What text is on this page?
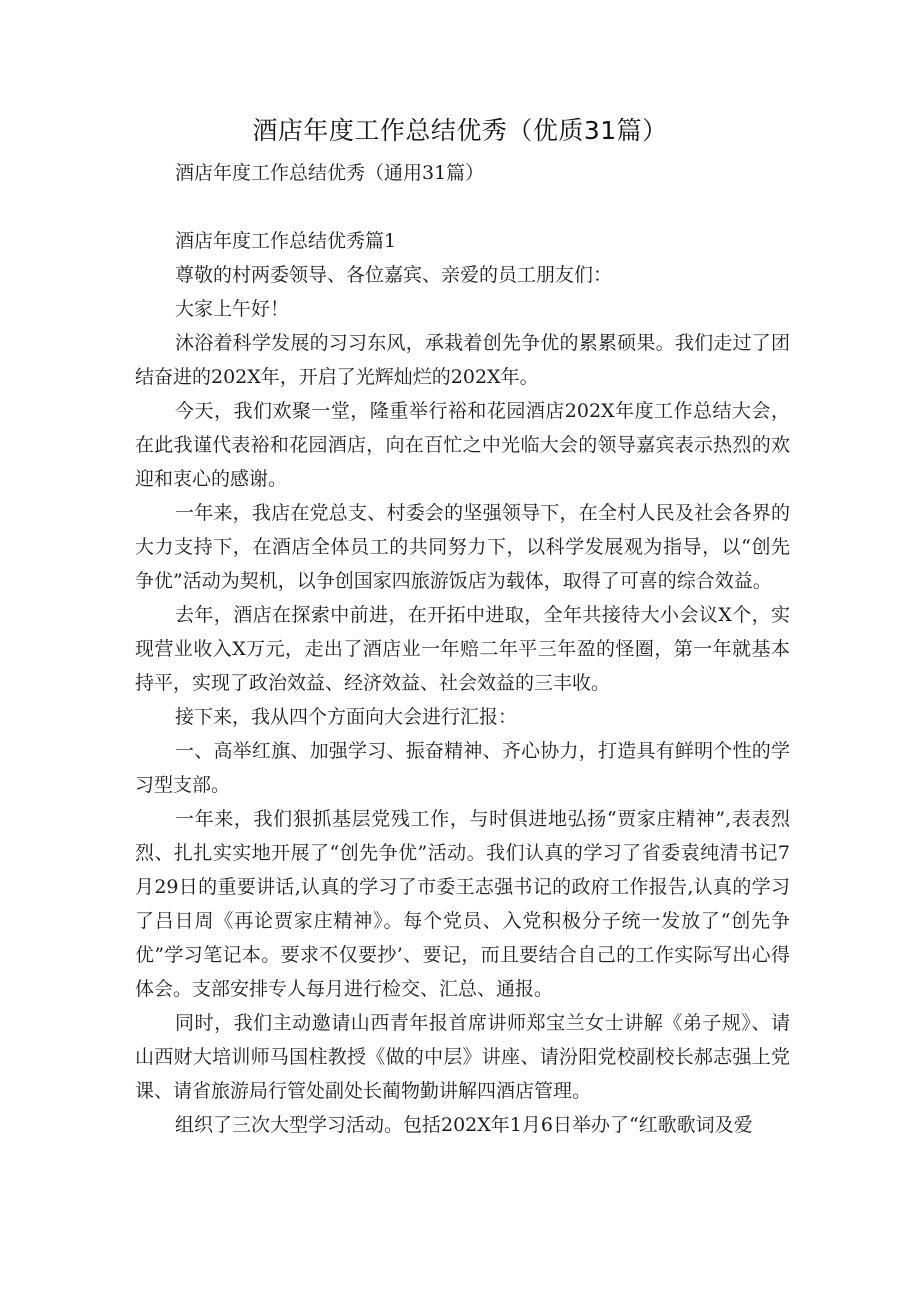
酒店年度工作总结优秀（优质31篇）

酒店年度工作总结优秀（通用31篇）

酒店年度工作总结优秀篇1

尊敬的村两委领导、各位嘉宾、亲爱的员工朋友们：

大家上午好！

沐浴着科学发展的习习东风，承栽着创先争优的累累硕果。我们走过了团结奋进的202X年，开启了光辉灿烂的202X年。

今天，我们欢聚一堂，隆重举行裕和花园酒店202X年度工作总结大会，在此我谨代表裕和花园酒店，向在百忙之中光临大会的领导嘉宾表示热烈的欢迎和衷心的感谢。

一年来，我店在党总支、村委会的坚强领导下，在全村人民及社会各界的大力支持下，在酒店全体员工的共同努力下，以科学发展观为指导，以“创先争优”活动为契机，以争创国家四旅游饭店为载体，取得了可喜的综合效益。

去年，酒店在探索中前进，在开拓中进取，全年共接待大小会议X个，实现营业收入X万元，走出了酒店业一年赔二年平三年盈的怪圈，第一年就基本持平，实现了政治效益、经济效益、社会效益的三丰收。

接下来，我从四个方面向大会进行汇报：

一、高举红旗、加强学习、振奋精神、齐心协力，打造具有鲜明个性的学习型支部。

一年来，我们狠抓基层党残工作，与时俱进地弘扬“贾家庄精神”,表表烈烈、扎扎实实地开展了“创先争优”活动。我们认真的学习了省委袁纯清书记7月29日的重要讲话,认真的学习了市委王志强书记的政府工作报告,认真的学习了吕日周《再论贾家庄精神》。每个党员、入党积极分子统一发放了“创先争优”学习笔记本。要求不仅要抄’、要记，而且要结合自己的工作实际写出心得体会。支部安排专人每月进行检交、汇总、通报。

同时，我们主动邀请山西青年报首席讲师郑宝兰女士讲解《弟子规》、请山西财大培训师马国柱教授《做的中层》讲座、请汾阳党校副校长郝志强上党课、请省旅游局行管处副处长蔺物勤讲解四酒店管理。

组织了三次大型学习活动。包括202X年1月6日举办了“红歌歌词及爱
